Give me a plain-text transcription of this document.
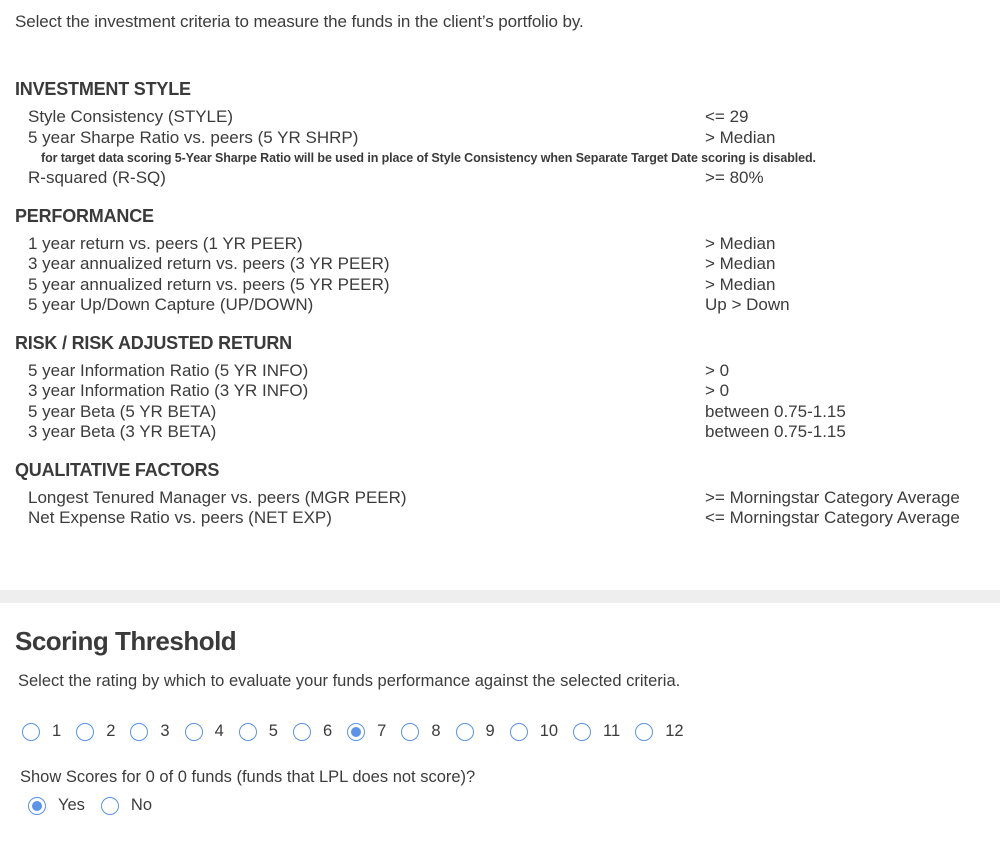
Select the investment criteria to measure the funds in the client’s portfolio by.
INVESTMENT STYLE
Style Consistency (STYLE)	<= 29
5 year Sharpe Ratio vs. peers (5 YR SHRP)	> Median
for target data scoring 5-Year Sharpe Ratio will be used in place of Style Consistency when Separate Target Date scoring is disabled.
R-squared (R-SQ)	>= 80%
PERFORMANCE
1 year return vs. peers (1 YR PEER)	> Median
3 year annualized return vs. peers (3 YR PEER)	> Median
5 year annualized return vs. peers (5 YR PEER)	> Median
5 year Up/Down Capture (UP/DOWN)	Up > Down
RISK / RISK ADJUSTED RETURN
5 year Information Ratio (5 YR INFO)	> 0
3 year Information Ratio (3 YR INFO)	> 0
5 year Beta (5 YR BETA)	between 0.75-1.15
3 year Beta (3 YR BETA)	between 0.75-1.15
QUALITATIVE FACTORS
Longest Tenured Manager vs. peers (MGR PEER)	>= Morningstar Category Average
Net Expense Ratio vs. peers (NET EXP)	<= Morningstar Category Average
Scoring Threshold
Select the rating by which to evaluate your funds performance against the selected criteria.
1	2	3	4	5	6	7	8	9	10	11	12
Show Scores for 0 of 0 funds (funds that LPL does not score)?
Yes	No
